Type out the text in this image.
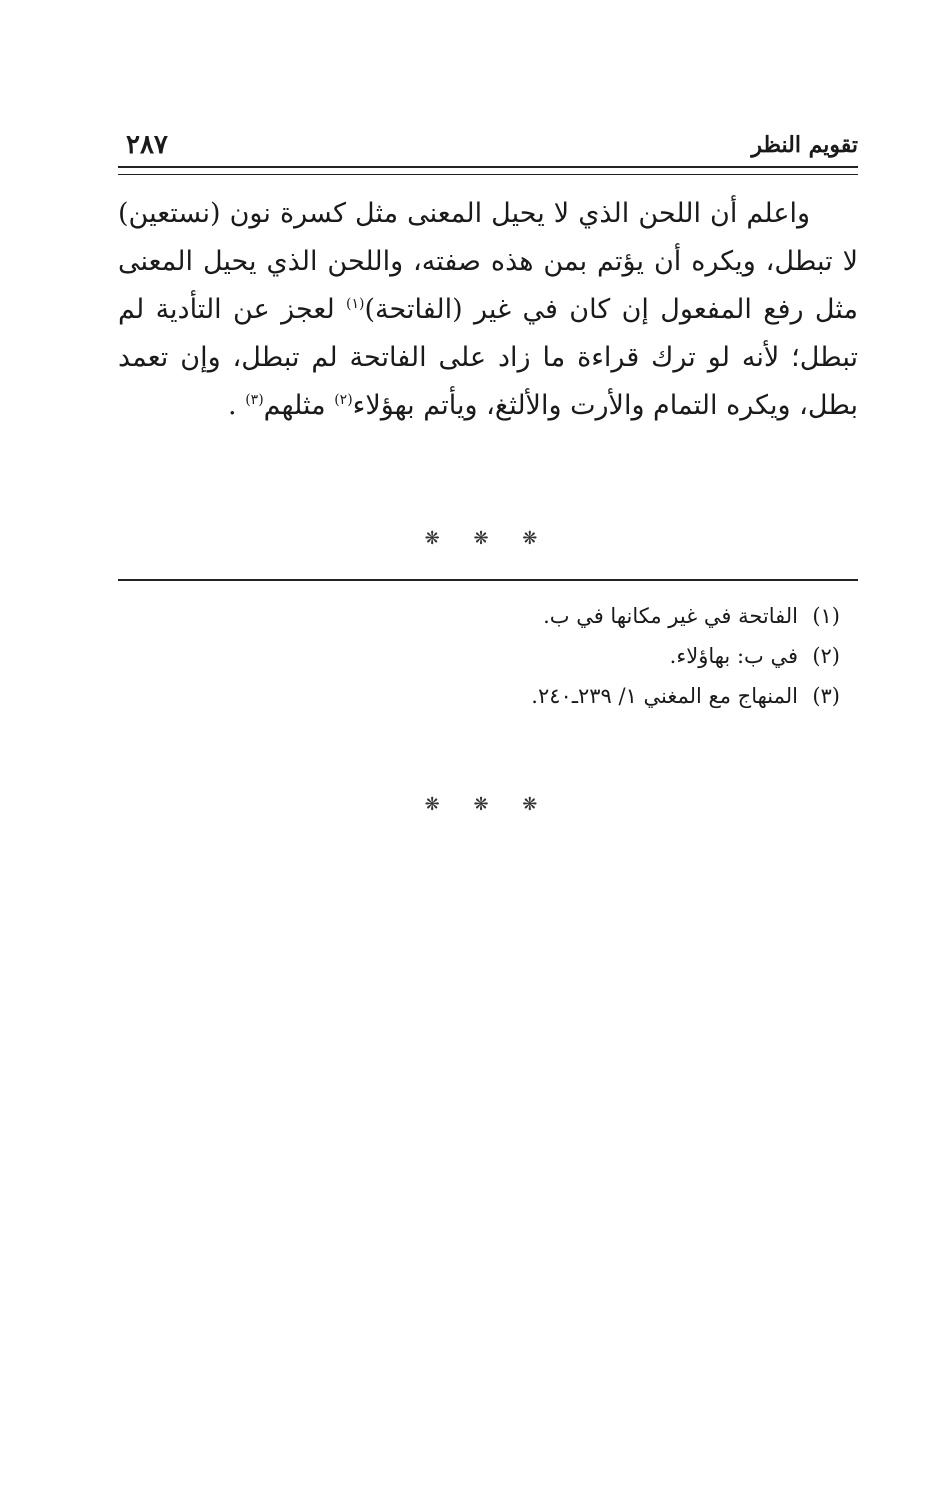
تقويم النظر
٢٨٧

واعلم أن اللحن الذي لا يحيل المعنى مثل كسرة نون (نستعين) لا تبطل، ويكره أن يؤتم بمن هذه صفته، واللحن الذي يحيل المعنى مثل رفع المفعول إن كان في غير (الفاتحة)$^{(١)}$ لعجز عن التأدية لم تبطل؛ لأنه لو ترك قراءة ما زاد على الفاتحة لم تبطل، وإن تعمد بطل، ويكره التمام والأرت والألثغ، ويأتم بهؤلاء$^{(٢)}$ مثلهم$^{(٣)}$ .

❋ ❋ ❋
(١)
الفاتحة في غير مكانها في ب.
(٢)
في ب: بهاؤلاء.
(٣)
المنهاج مع المغني ١/ ٢٣٩ـ٢٤٠.
❋ ❋ ❋
